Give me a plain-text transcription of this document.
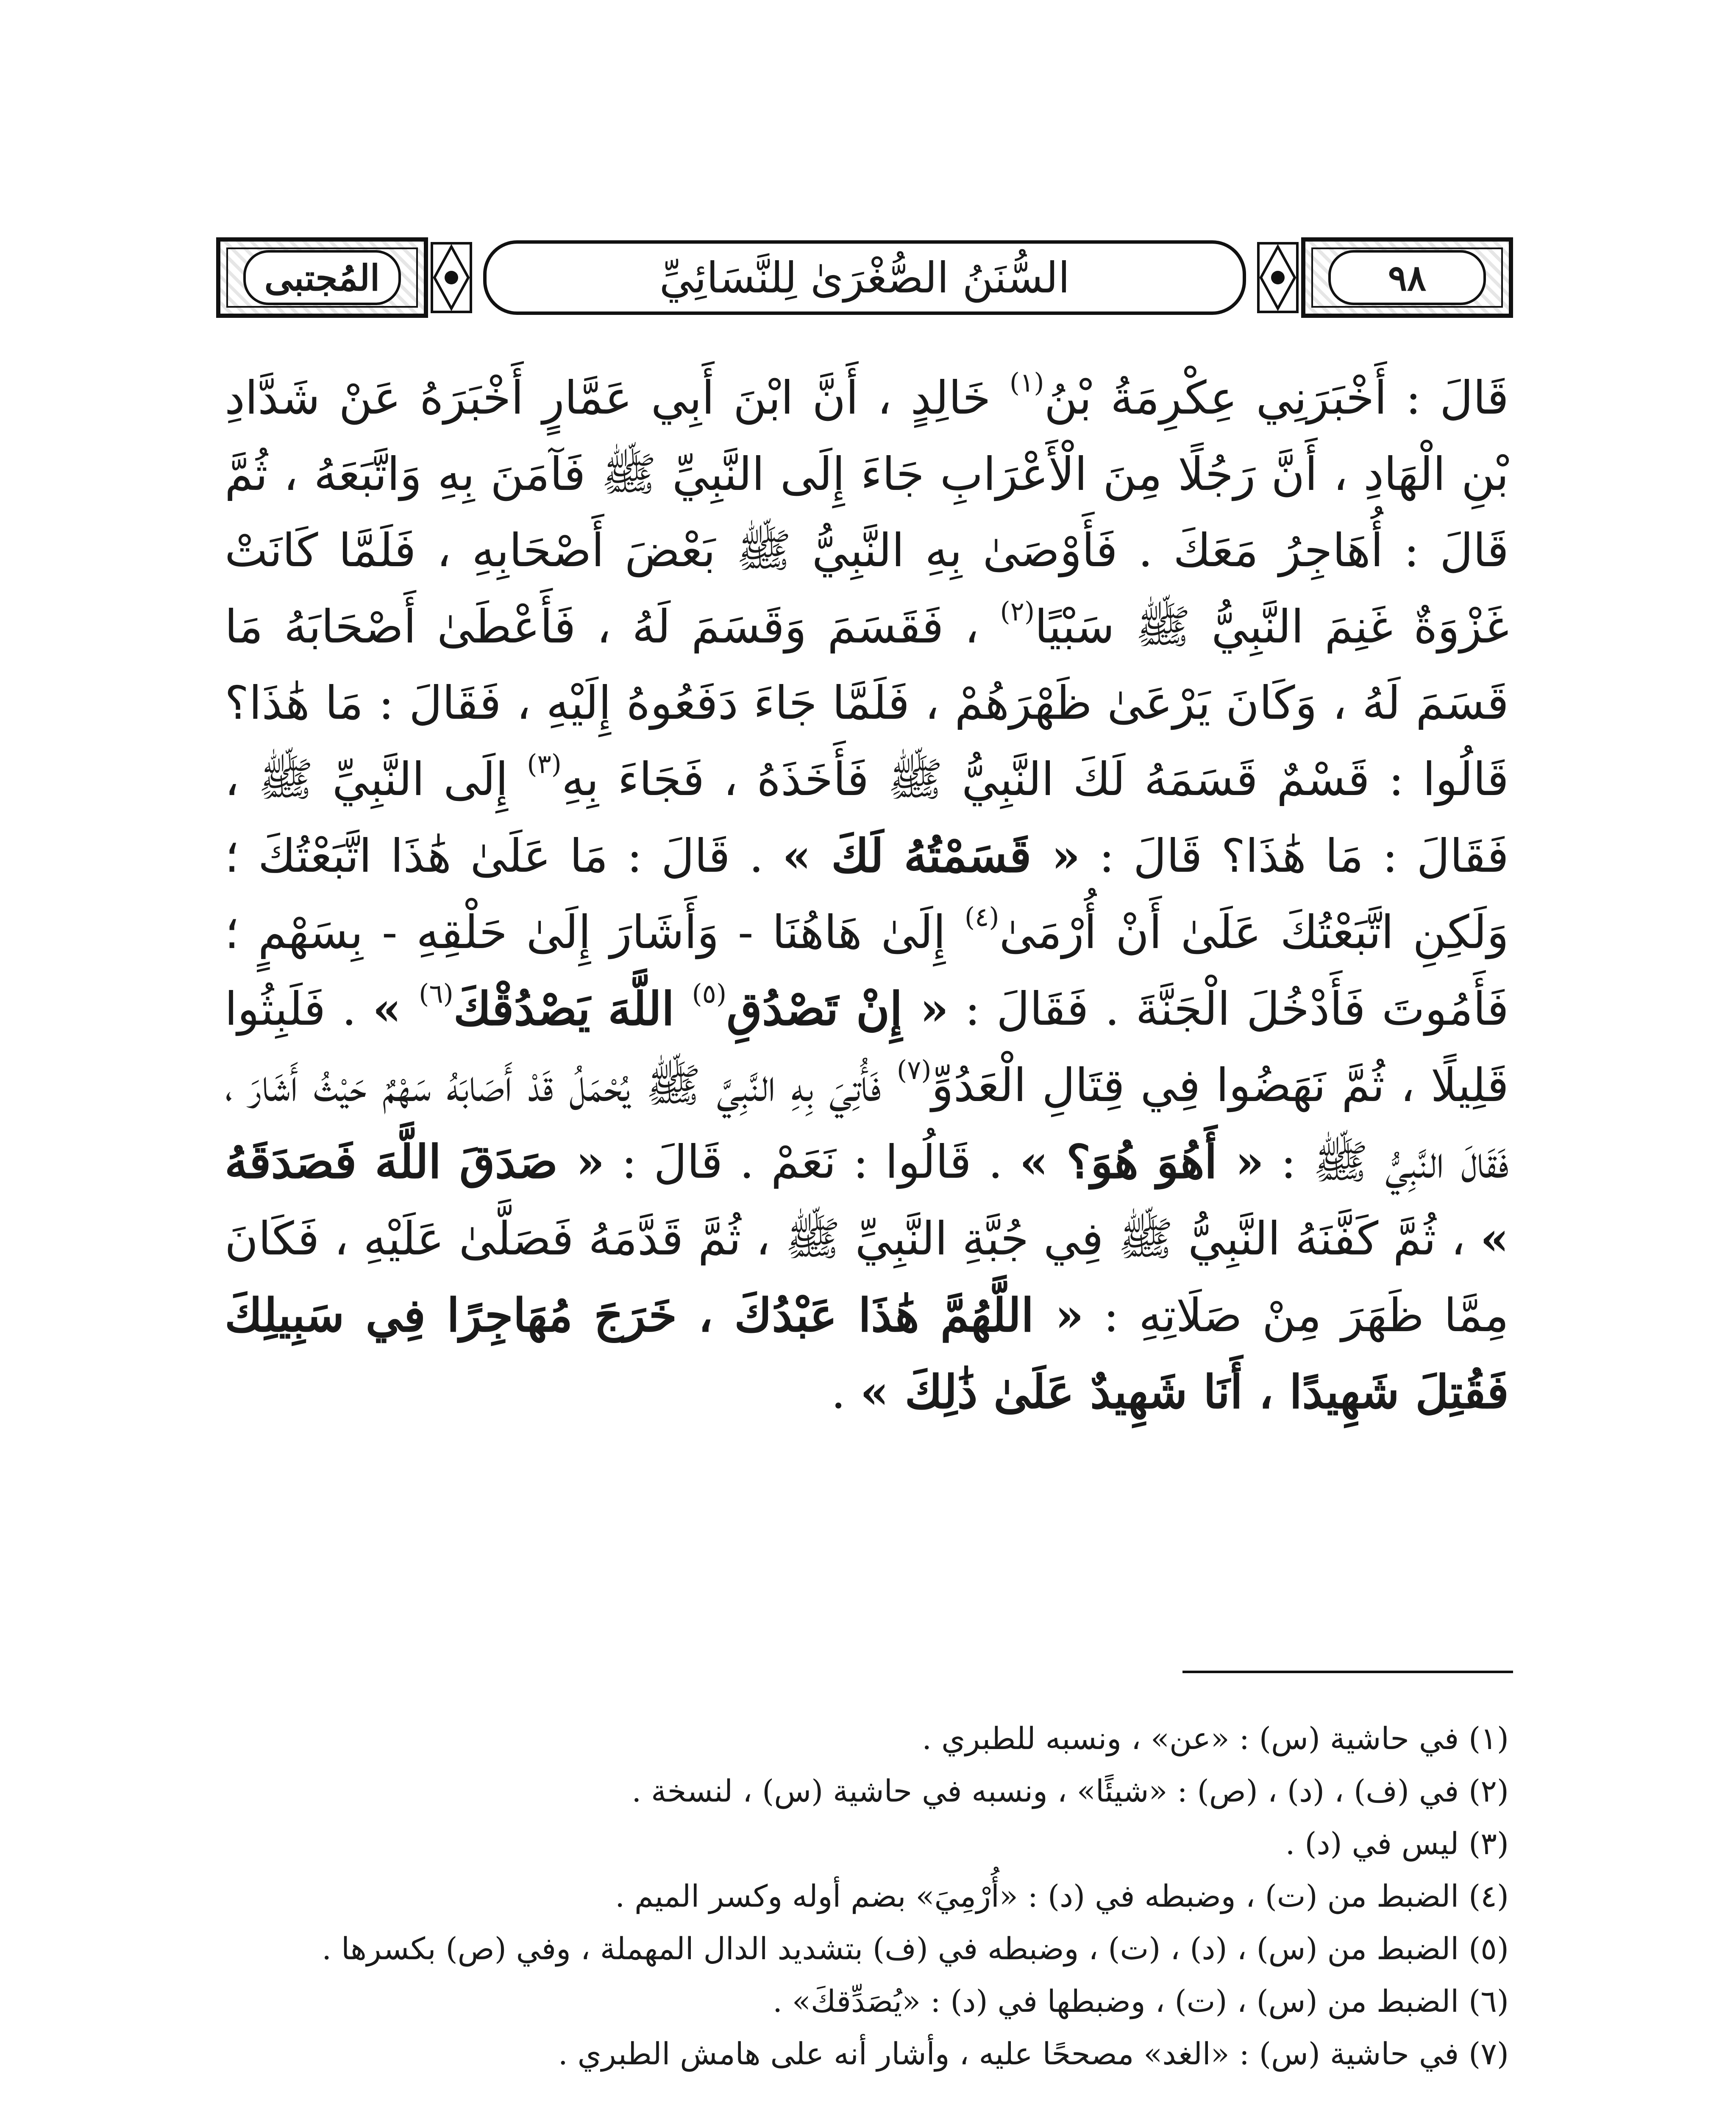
المُجتبى	السُّنَنُ الصُّغْرَىٰ لِلنَّسَائِيِّ	٩٨

قَالَ : أَخْبَرَنِي عِكْرِمَةُ بْنُ$^{(١)}$ خَالِدٍ ، أَنَّ ابْنَ أَبِي عَمَّارٍ أَخْبَرَهُ عَنْ شَدَّادِ بْنِ الْهَادِ ، أَنَّ رَجُلًا مِنَ الْأَعْرَابِ جَاءَ إِلَى النَّبِيِّ ﷺ فَآمَنَ بِهِ وَاتَّبَعَهُ ، ثُمَّ قَالَ : أُهَاجِرُ مَعَكَ . فَأَوْصَىٰ بِهِ النَّبِيُّ ﷺ بَعْضَ أَصْحَابِهِ ، فَلَمَّا كَانَتْ غَزْوَةٌ غَنِمَ النَّبِيُّ ﷺ سَبْيًا$^{(٢)}$ ، فَقَسَمَ وَقَسَمَ لَهُ ، فَأَعْطَىٰ أَصْحَابَهُ مَا قَسَمَ لَهُ ، وَكَانَ يَرْعَىٰ ظَهْرَهُمْ ، فَلَمَّا جَاءَ دَفَعُوهُ إِلَيْهِ ، فَقَالَ : مَا هَٰذَا؟ قَالُوا : قَسْمٌ قَسَمَهُ لَكَ النَّبِيُّ ﷺ فَأَخَذَهُ ، فَجَاءَ بِهِ$^{(٣)}$ إِلَى النَّبِيِّ ﷺ ، فَقَالَ : مَا هَٰذَا؟ قَالَ : « قَسَمْتُهُ لَكَ » . قَالَ : مَا عَلَىٰ هَٰذَا اتَّبَعْتُكَ ؛ وَلَكِنِ اتَّبَعْتُكَ عَلَىٰ أَنْ أُرْمَىٰ$^{(٤)}$ إِلَىٰ هَاهُنَا - وَأَشَارَ إِلَىٰ حَلْقِهِ - بِسَهْمٍ ؛ فَأَمُوتَ فَأَدْخُلَ الْجَنَّةَ . فَقَالَ : « إِنْ تَصْدُقِ$^{(٥)}$ اللَّهَ يَصْدُقْكَ$^{(٦)}$ » . فَلَبِثُوا قَلِيلًا ، ثُمَّ نَهَضُوا فِي قِتَالِ الْعَدُوِّ$^{(٧)}$ فَأُتِيَ بِهِ النَّبِيَّ ﷺ يُحْمَلُ قَدْ أَصَابَهُ سَهْمٌ حَيْثُ أَشَارَ ، فَقَالَ النَّبِيُّ ﷺ : « أَهُوَ هُوَ؟ » . قَالُوا : نَعَمْ . قَالَ : « صَدَقَ اللَّهَ فَصَدَقَهُ » ، ثُمَّ كَفَّنَهُ النَّبِيُّ ﷺ فِي جُبَّةِ النَّبِيِّ ﷺ ، ثُمَّ قَدَّمَهُ فَصَلَّىٰ عَلَيْهِ ، فَكَانَ مِمَّا ظَهَرَ مِنْ صَلَاتِهِ : « اللَّهُمَّ هَٰذَا عَبْدُكَ ، خَرَجَ مُهَاجِرًا فِي سَبِيلِكَ فَقُتِلَ شَهِيدًا ، أَنَا شَهِيدٌ عَلَىٰ ذَٰلِكَ » .

(١) في حاشية (س) : «عن» ، ونسبه للطبري .

(٢) في (ف) ، (د) ، (ص) : «شيئًا» ، ونسبه في حاشية (س) ، لنسخة .

(٣) ليس في (د) .

(٤) الضبط من (ت) ، وضبطه في (د) : «أُرْمِيَ» بضم أوله وكسر الميم .

(٥) الضبط من (س) ، (د) ، (ت) ، وضبطه في (ف) بتشديد الدال المهملة ، وفي (ص) بكسرها .

(٦) الضبط من (س) ، (ت) ، وضبطها في (د) : «يُصَدِّقكَ» .

(٧) في حاشية (س) : «الغد» مصححًا عليه ، وأشار أنه على هامش الطبري .
